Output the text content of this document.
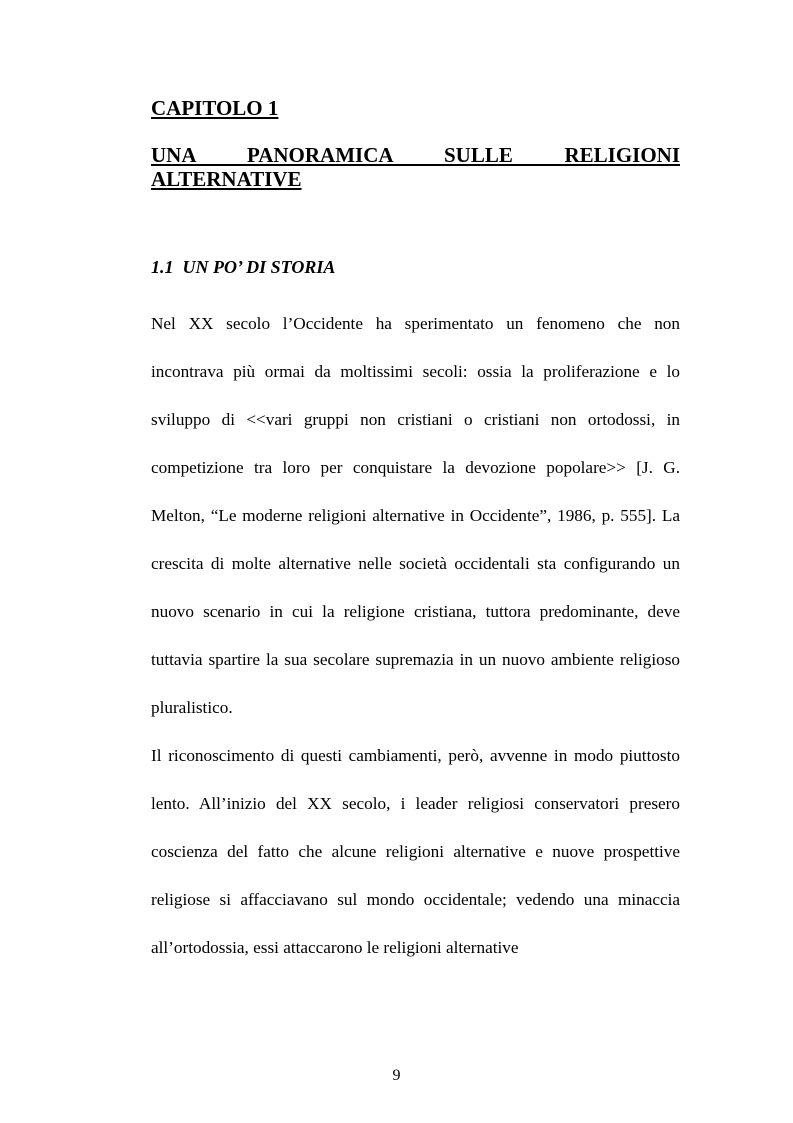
CAPITOLO 1
UNA PANORAMICA SULLE RELIGIONI ALTERNATIVE
1.1  UN PO’ DI STORIA

Nel XX secolo l’Occidente ha sperimentato un fenomeno che non incontrava più ormai da moltissimi secoli: ossia la proliferazione e lo sviluppo di <<vari gruppi non cristiani o cristiani non ortodossi, in competizione tra loro per conquistare la devozione popolare>> [J. G. Melton, “Le moderne religioni alternative in Occidente”, 1986, p. 555]. La crescita di molte alternative nelle società occidentali sta configurando un nuovo scenario in cui la religione cristiana, tuttora predominante, deve tuttavia spartire la sua secolare supremazia in un nuovo ambiente religioso pluralistico.

Il riconoscimento di questi cambiamenti, però, avvenne in modo piuttosto lento. All’inizio del XX secolo, i leader religiosi conservatori presero coscienza del fatto che alcune religioni alternative e nuove prospettive religiose si affacciavano sul mondo occidentale; vedendo una minaccia all’ortodossia, essi attaccarono le religioni alternative

9
